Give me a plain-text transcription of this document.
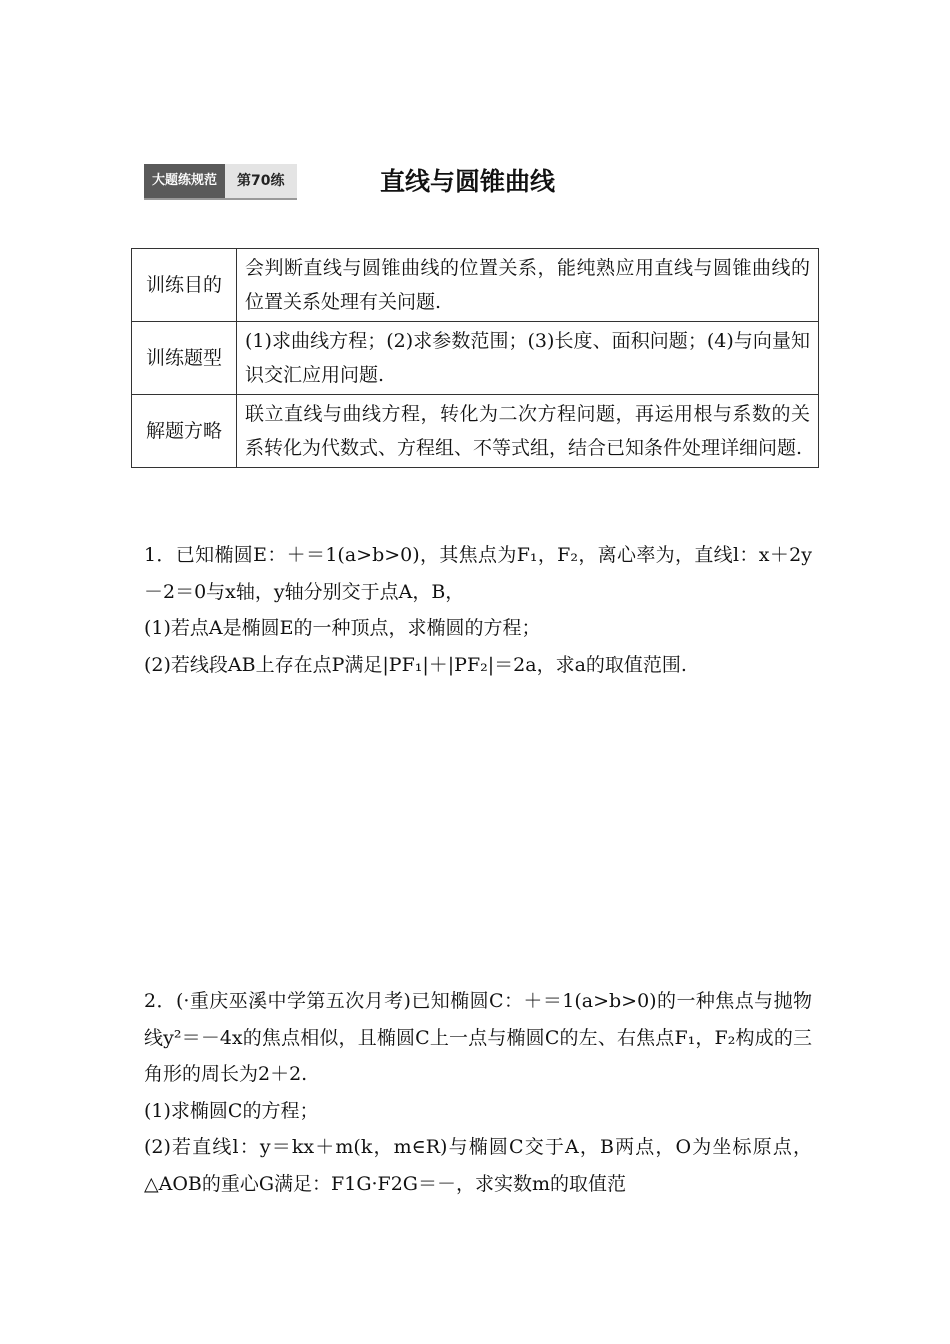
大题练规范	第70练	直线与圆锥曲线
训练目的	会判断直线与圆锥曲线的位置关系，能纯熟应用直线与圆锥曲线的位置关系处理有关问题.
训练题型	(1)求曲线方程；(2)求参数范围；(3)长度、面积问题；(4)与向量知识交汇应用问题.
解题方略	联立直线与曲线方程，转化为二次方程问题，再运用根与系数的关系转化为代数式、方程组、不等式组，结合已知条件处理详细问题.

1．已知椭圆E：＋＝1(a>b>0)，其焦点为F₁，F₂，离心率为，直线l：x＋2y－2＝0与x轴，y轴分别交于点A，B，

(1)若点A是椭圆E的一种顶点，求椭圆的方程；

(2)若线段AB上存在点P满足|PF₁|＋|PF₂|＝2a，求a的取值范围.

2．(·重庆巫溪中学第五次月考)已知椭圆C：＋＝1(a>b>0)的一种焦点与抛物线y²＝－4x的焦点相似，且椭圆C上一点与椭圆C的左、右焦点F₁，F₂构成的三角形的周长为2＋2.

(1)求椭圆C的方程；

(2)若直线l：y＝kx＋m(k，m∈R)与椭圆C交于A，B两点，O为坐标原点，△AOB的重心G满足：F1G·F2G＝－，求实数m的取值范
